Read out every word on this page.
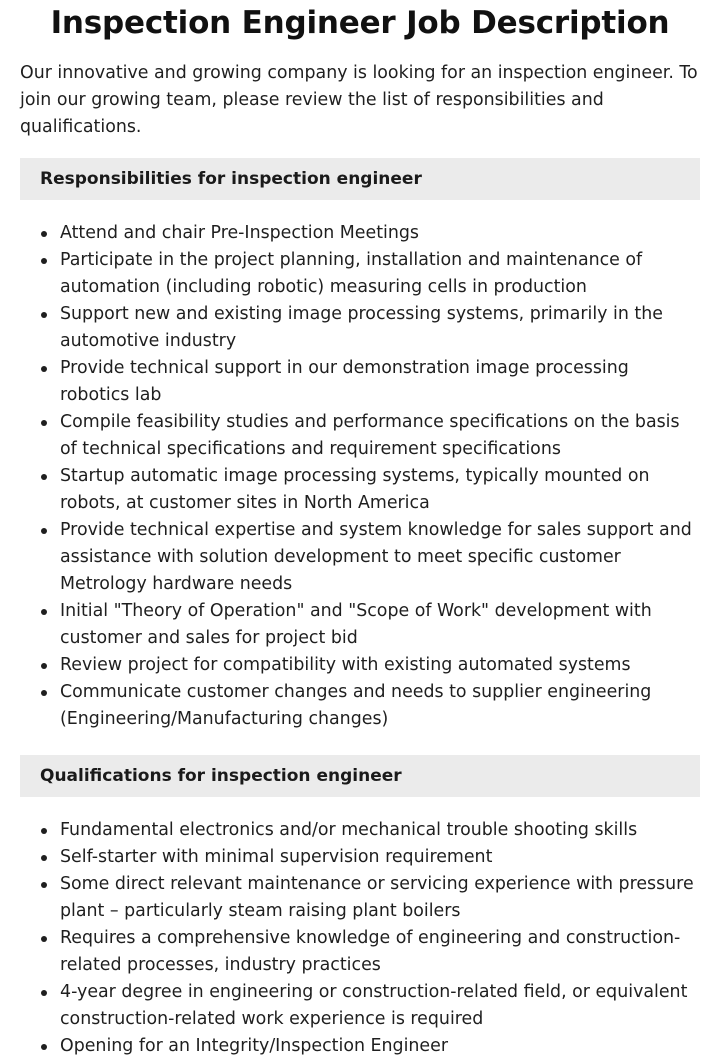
Inspection Engineer Job Description

Our innovative and growing company is looking for an inspection engineer. To join our growing team, please review the list of responsibilities and qualifications.

Responsibilities for inspection engineer
Attend and chair Pre-Inspection Meetings
Participate in the project planning, installation and maintenance of automation (including robotic) measuring cells in production
Support new and existing image processing systems, primarily in the automotive industry
Provide technical support in our demonstration image processing robotics lab
Compile feasibility studies and performance specifications on the basis of technical specifications and requirement specifications
Startup automatic image processing systems, typically mounted on robots, at customer sites in North America
Provide technical expertise and system knowledge for sales support and assistance with solution development to meet specific customer Metrology hardware needs
Initial "Theory of Operation" and "Scope of Work" development with customer and sales for project bid
Review project for compatibility with existing automated systems
Communicate customer changes and needs to supplier engineering (Engineering/Manufacturing changes)
Qualifications for inspection engineer
Fundamental electronics and/or mechanical trouble shooting skills
Self-starter with minimal supervision requirement
Some direct relevant maintenance or servicing experience with pressure plant – particularly steam raising plant boilers
Requires a comprehensive knowledge of engineering and construction-related processes, industry practices
4-year degree in engineering or construction-related field, or equivalent construction-related work experience is required
Opening for an Integrity/Inspection Engineer
